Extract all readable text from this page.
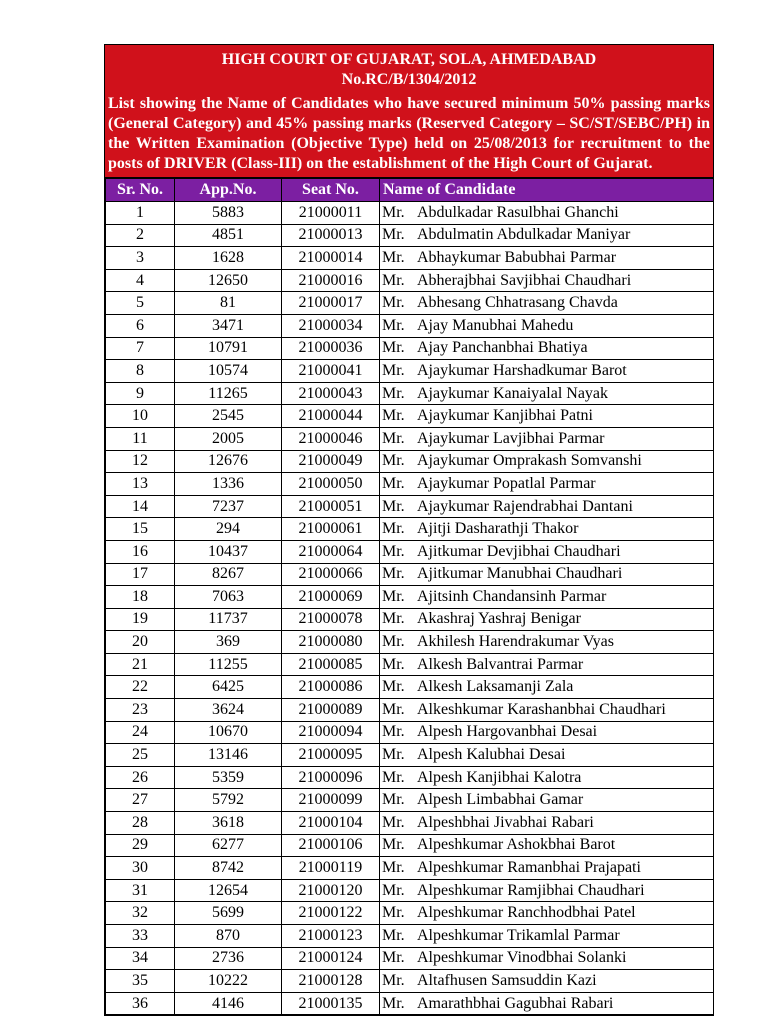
HIGH COURT OF GUJARAT, SOLA, AHMEDABAD
No.RC/B/1304/2012
List showing the Name of Candidates who have secured minimum 50% passing marks (General Category) and 45% passing marks (Reserved Category – SC/ST/SEBC/PH) in the Written Examination (Objective Type) held on 25/08/2013 for recruitment to the posts of DRIVER (Class-III) on the establishment of the High Court of Gujarat.
Sr. No.	App.No.	Seat No.	Name of Candidate
1	5883	21000011	Mr. Abdulkadar Rasulbhai Ghanchi
2	4851	21000013	Mr. Abdulmatin Abdulkadar Maniyar
3	1628	21000014	Mr. Abhaykumar Babubhai Parmar
4	12650	21000016	Mr. Abherajbhai Savjibhai Chaudhari
5	81	21000017	Mr. Abhesang Chhatrasang Chavda
6	3471	21000034	Mr. Ajay Manubhai Mahedu
7	10791	21000036	Mr. Ajay Panchanbhai Bhatiya
8	10574	21000041	Mr. Ajaykumar Harshadkumar Barot
9	11265	21000043	Mr. Ajaykumar Kanaiyalal Nayak
10	2545	21000044	Mr. Ajaykumar Kanjibhai Patni
11	2005	21000046	Mr. Ajaykumar Lavjibhai Parmar
12	12676	21000049	Mr. Ajaykumar Omprakash Somvanshi
13	1336	21000050	Mr. Ajaykumar Popatlal Parmar
14	7237	21000051	Mr. Ajaykumar Rajendrabhai Dantani
15	294	21000061	Mr. Ajitji Dasharathji Thakor
16	10437	21000064	Mr. Ajitkumar Devjibhai Chaudhari
17	8267	21000066	Mr. Ajitkumar Manubhai Chaudhari
18	7063	21000069	Mr. Ajitsinh Chandansinh Parmar
19	11737	21000078	Mr. Akashraj Yashraj Benigar
20	369	21000080	Mr. Akhilesh Harendrakumar Vyas
21	11255	21000085	Mr. Alkesh Balvantrai Parmar
22	6425	21000086	Mr. Alkesh Laksamanji Zala
23	3624	21000089	Mr. Alkeshkumar Karashanbhai Chaudhari
24	10670	21000094	Mr. Alpesh Hargovanbhai Desai
25	13146	21000095	Mr. Alpesh Kalubhai Desai
26	5359	21000096	Mr. Alpesh Kanjibhai Kalotra
27	5792	21000099	Mr. Alpesh Limbabhai Gamar
28	3618	21000104	Mr. Alpeshbhai Jivabhai Rabari
29	6277	21000106	Mr. Alpeshkumar Ashokbhai Barot
30	8742	21000119	Mr. Alpeshkumar Ramanbhai Prajapati
31	12654	21000120	Mr. Alpeshkumar Ramjibhai Chaudhari
32	5699	21000122	Mr. Alpeshkumar Ranchhodbhai Patel
33	870	21000123	Mr. Alpeshkumar Trikamlal Parmar
34	2736	21000124	Mr. Alpeshkumar Vinodbhai Solanki
35	10222	21000128	Mr. Altafhusen Samsuddin Kazi
36	4146	21000135	Mr. Amarathbhai Gagubhai Rabari
